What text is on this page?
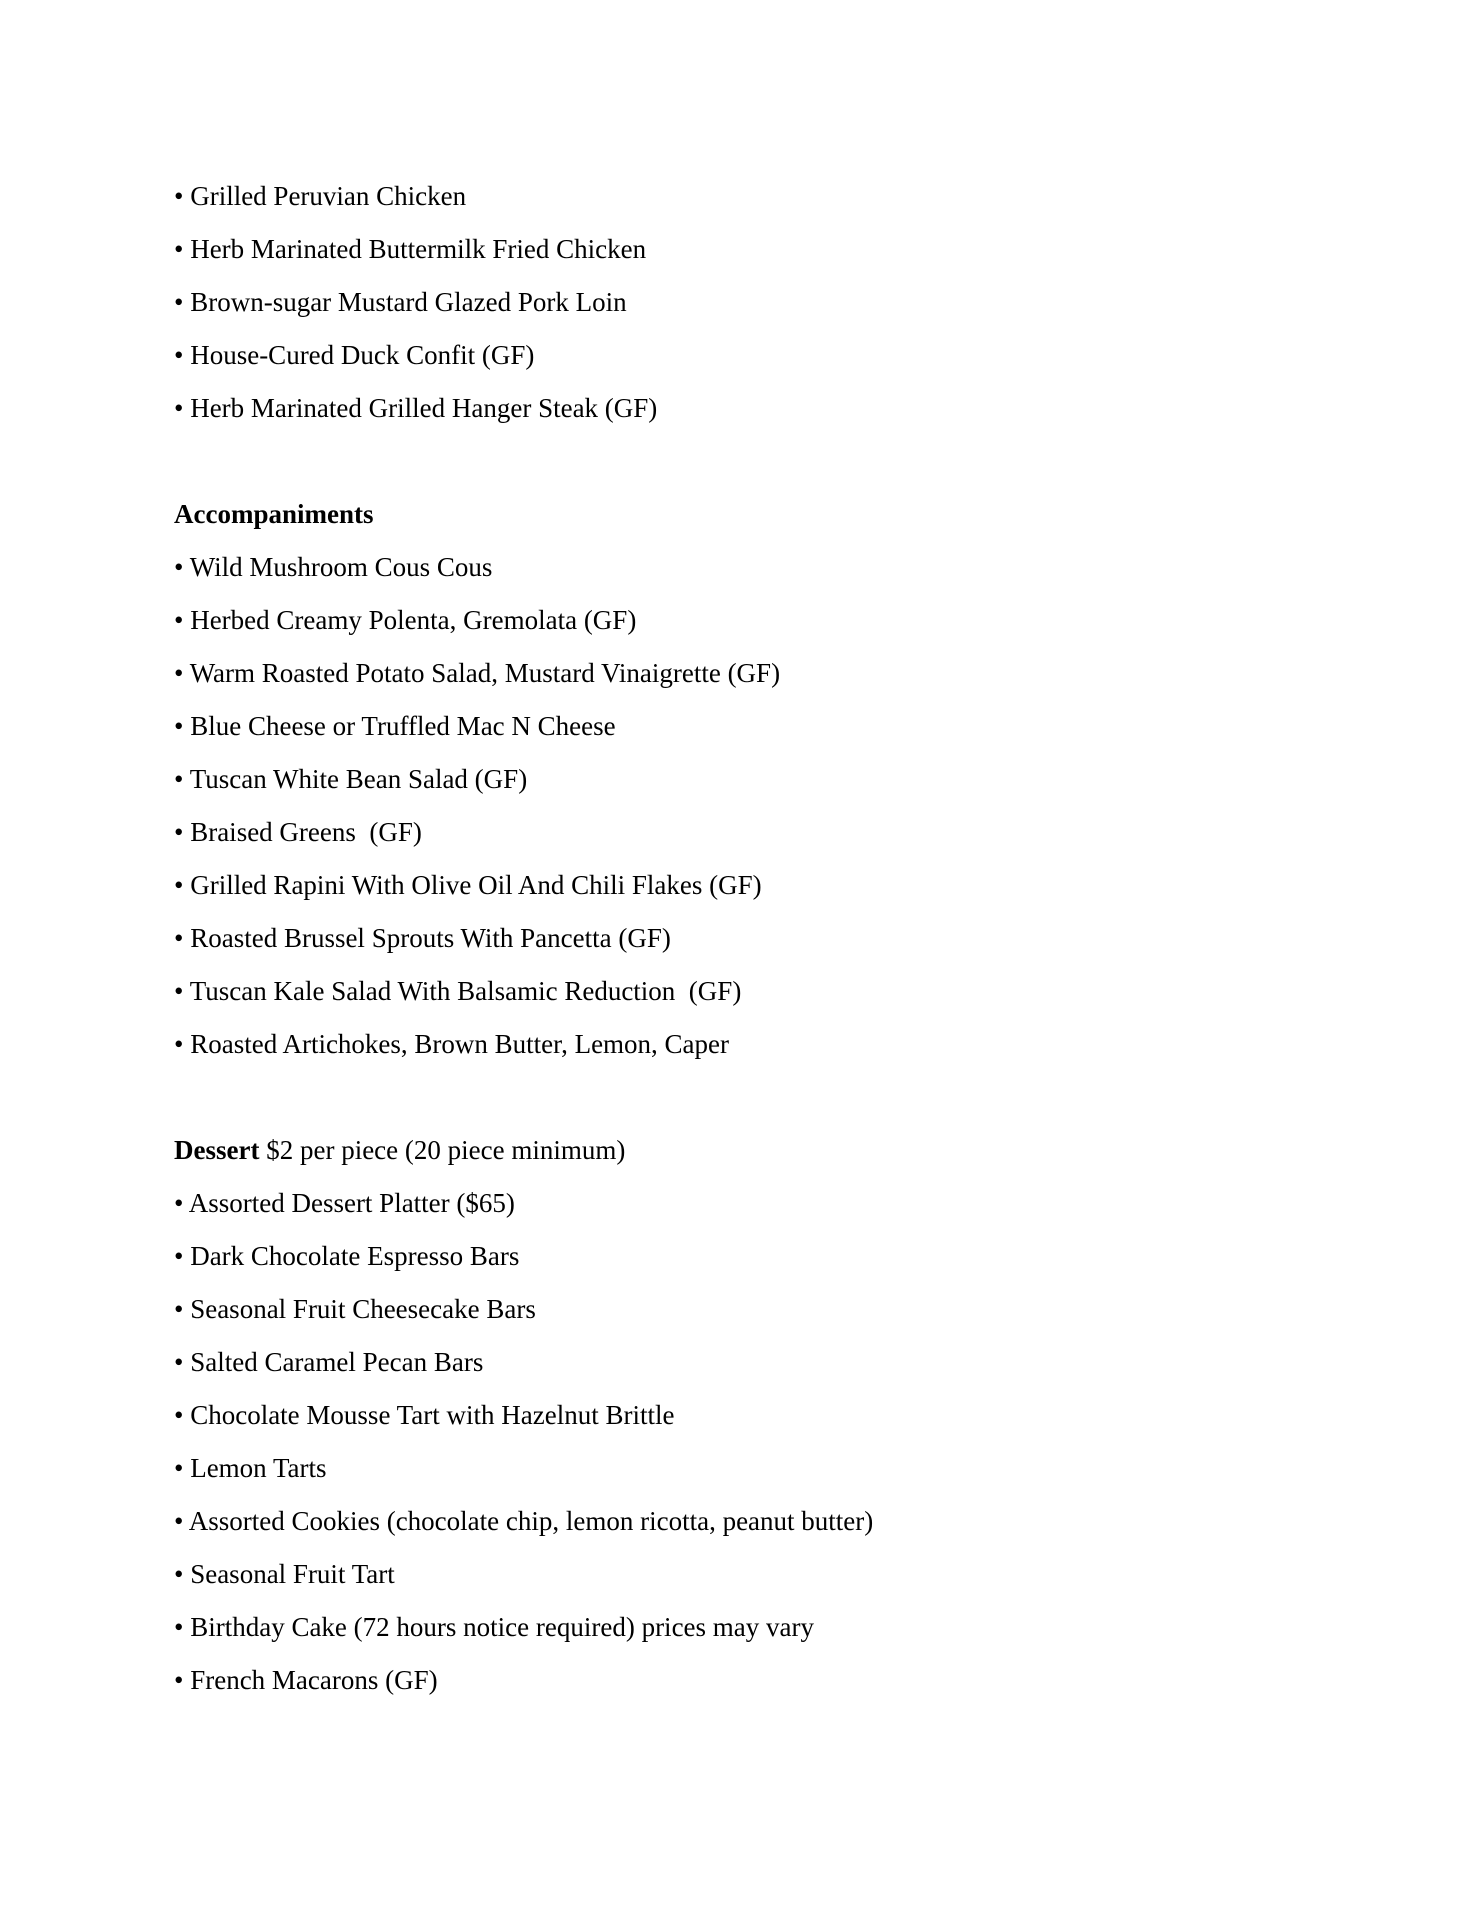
• Grilled Peruvian Chicken
• Herb Marinated Buttermilk Fried Chicken
• Brown-sugar Mustard Glazed Pork Loin
• House-Cured Duck Confit (GF)
• Herb Marinated Grilled Hanger Steak (GF)
Accompaniments
• Wild Mushroom Cous Cous
• Herbed Creamy Polenta, Gremolata (GF)
• Warm Roasted Potato Salad, Mustard Vinaigrette (GF)
• Blue Cheese or Truffled Mac N Cheese
• Tuscan White Bean Salad (GF)
• Braised Greens  (GF)
• Grilled Rapini With Olive Oil And Chili Flakes (GF)
• Roasted Brussel Sprouts With Pancetta (GF)
• Tuscan Kale Salad With Balsamic Reduction  (GF)
• Roasted Artichokes, Brown Butter, Lemon, Caper
Dessert $2 per piece (20 piece minimum)
• Assorted Dessert Platter ($65)
• Dark Chocolate Espresso Bars
• Seasonal Fruit Cheesecake Bars
• Salted Caramel Pecan Bars
• Chocolate Mousse Tart with Hazelnut Brittle
• Lemon Tarts
• Assorted Cookies (chocolate chip, lemon ricotta, peanut butter)
• Seasonal Fruit Tart
• Birthday Cake (72 hours notice required) prices may vary
• French Macarons (GF)
